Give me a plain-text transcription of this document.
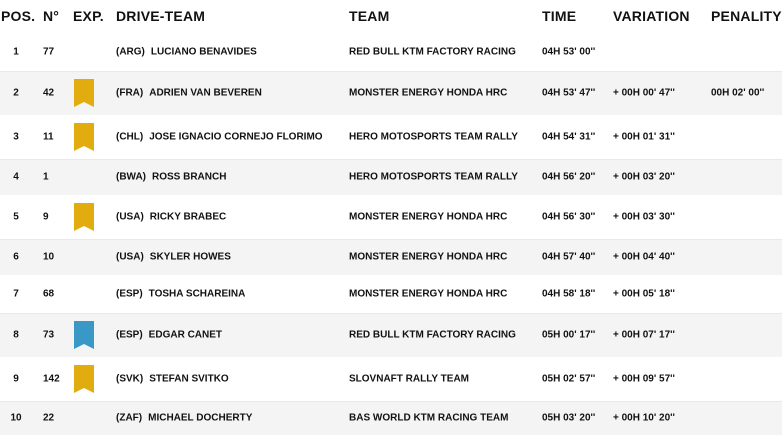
POS. N° EXP. DRIVE-TEAM	TEAM	TIME	VARIATION PENALITY
1	77	(ARG) LUCIANO BENAVIDES	RED BULL KTM FACTORY RACING	04H 53' 00''
2	42	(FRA) ADRIEN VAN BEVEREN	MONSTER ENERGY HONDA HRC	04H 53' 47'' + 00H 00' 47''	00H 02' 00''
3	11	(CHL) JOSE IGNACIO CORNEJO FLORIMO	HERO MOTOSPORTS TEAM RALLY 04H 54' 31'' + 00H 01' 31''
4	1	(BWA) ROSS BRANCH	HERO MOTOSPORTS TEAM RALLY 04H 56' 20'' + 00H 03' 20''
5	9	(USA) RICKY BRABEC	MONSTER ENERGY HONDA HRC	04H 56' 30'' + 00H 03' 30''
6	10	(USA) SKYLER HOWES	MONSTER ENERGY HONDA HRC	04H 57' 40'' + 00H 04' 40''
7	68	(ESP) TOSHA SCHAREINA	MONSTER ENERGY HONDA HRC	04H 58' 18'' + 00H 05' 18''
8	73	(ESP) EDGAR CANET	RED BULL KTM FACTORY RACING	05H 00' 17'' + 00H 07' 17''
9	142	(SVK) STEFAN SVITKO	SLOVNAFT RALLY TEAM	05H 02' 57'' + 00H 09' 57''
10	22	(ZAF) MICHAEL DOCHERTY	BAS WORLD KTM RACING TEAM	05H 03' 20'' + 00H 10' 20''
